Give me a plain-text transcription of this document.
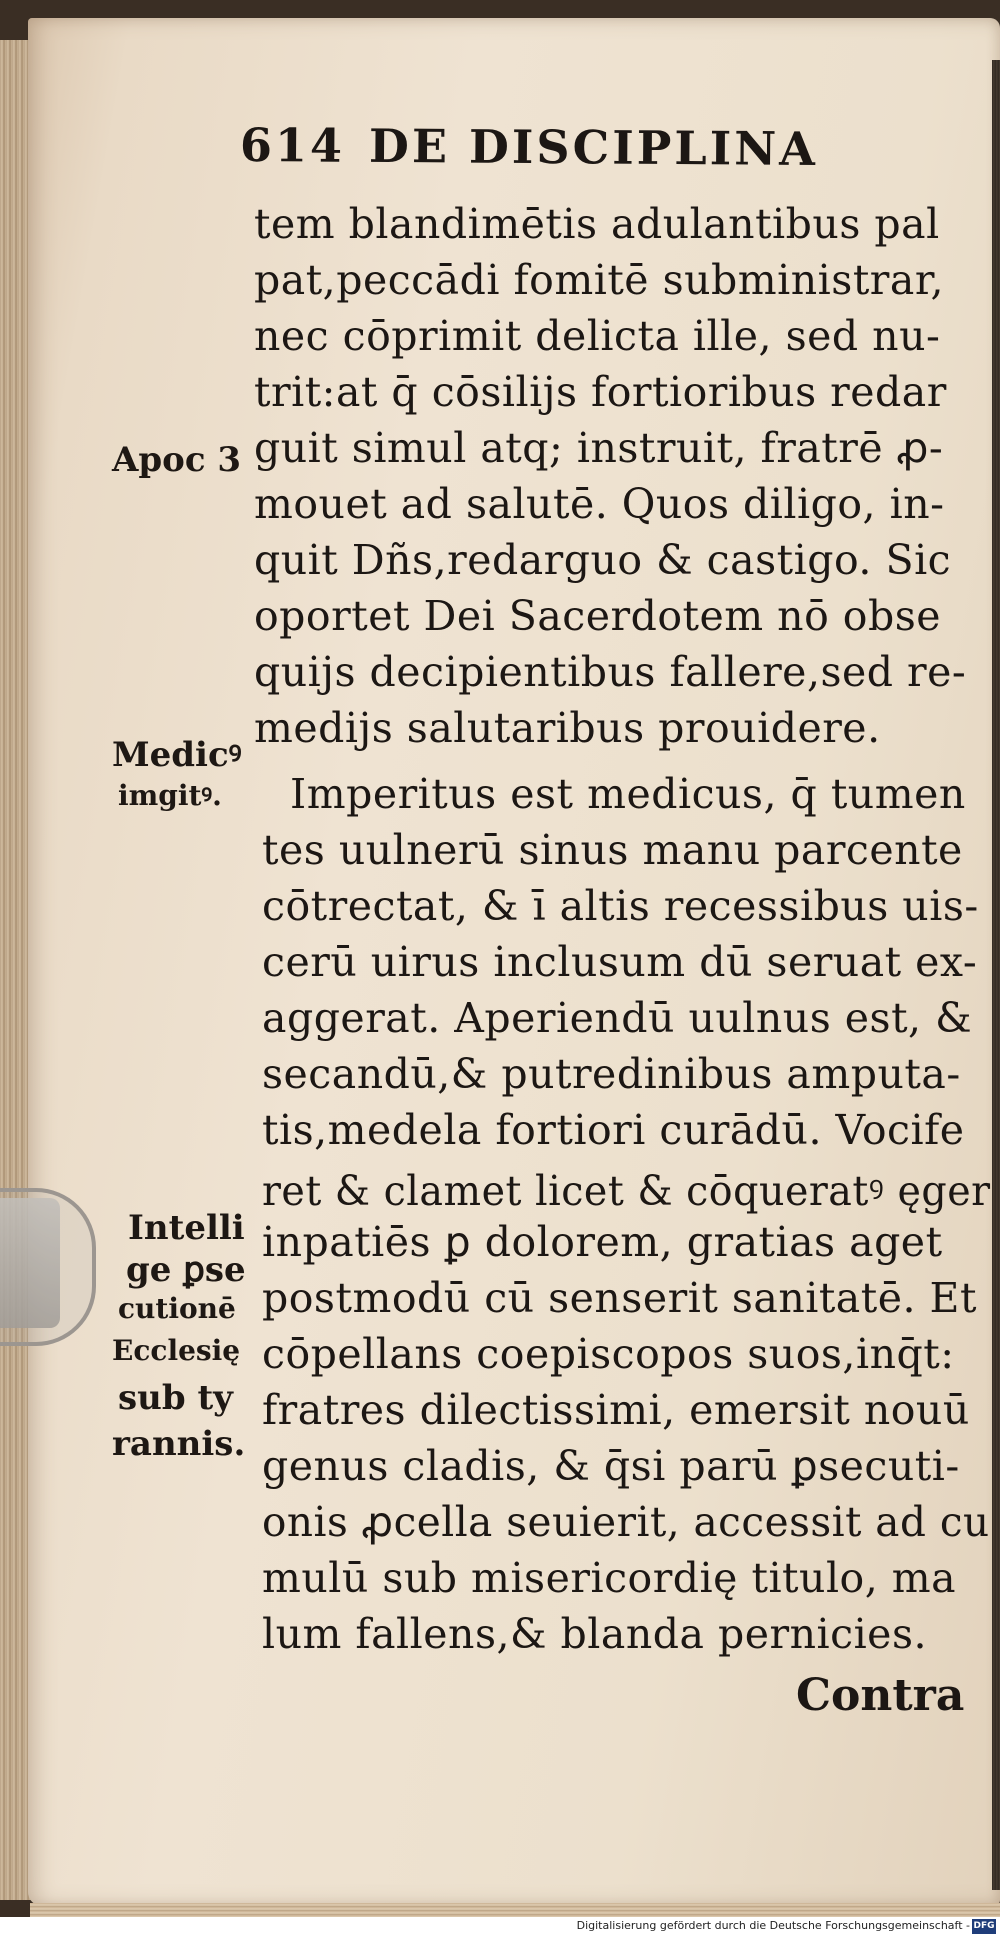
614 DE DISCIPLINA
tem blandimētis adulantibus pal
pat,peccādi fomitē subministrar,
nec cōprimit delicta ille, sed nu-
trit:at q̄ cōsilijs fortioribus redar
guit simul atq; instruit, fratrē ꝓ-
mouet ad salutē. Quos diligo, in-
quit Dñs,redarguo & castigo. Sic
oportet Dei Sacerdotem nō obse
quijs decipientibus fallere,sed re-
medijs salutaribus prouidere.
Imperitus est medicus, q̄ tumen
tes uulnerū sinus manu parcente
cōtrectat, & ī altis recessibus uis-
cerū uirus inclusum dū seruat ex-
aggerat. Aperiendū uulnus est, &
secandū,& putredinibus amputa-
tis,medela fortiori curādū. Vocife
ret & clamet licet & cōqueratꝰ ęger
inpatiēs ꝑ dolorem, gratias aget
postmodū cū senserit sanitatē. Et
cōpellans coepiscopos suos,inq̄t:
fratres dilectissimi, emersit nouū
genus cladis, & q̄si parū ꝑsecuti-
onis ꝓcella seuierit, accessit ad cu
mulū sub misericordię titulo, ma
lum fallens,& blanda pernicies.
Contra
Apoc 3
Medicꝰ
imgitꝰ.
Intelli
ge ꝑse
cutionē
Ecclesię
sub ty
rannis.
Digitalisierung gefördert durch die Deutsche Forschungsgemeinschaft - DFG
